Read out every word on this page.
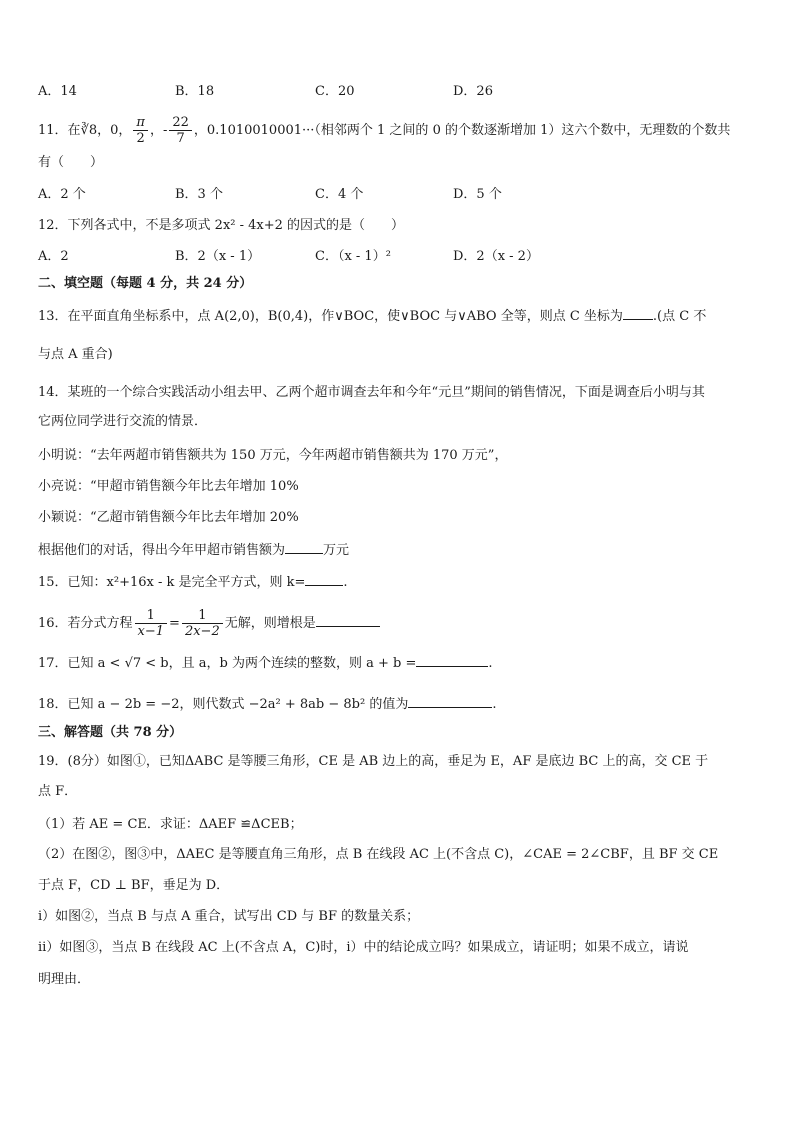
A．14	B．18	C．20	D．26
11．在∛8，0， $\frac{\pi}{2}$ ，- $\frac{22}{7}$ ，0.1010010001···（相邻两个 1 之间的 0 的个数逐渐增加 1）这六个数中，无理数的个数共
有（　　）
A．2 个	B．3 个	C．4 个	D．5 个
12．下列各式中，不是多项式 2x² - 4x+2 的因式的是（　　）
A．2	B．2（x - 1）	C．（x - 1）²	D．2（x - 2）
二、填空题（每题 4 分，共 24 分）
13．在平面直角坐标系中，点 A(2,0)，B(0,4)，作∨BOC，使∨BOC 与∨ABO 全等，则点 C 坐标为 .(点 C 不
与点 A 重合)
14．某班的一个综合实践活动小组去甲、乙两个超市调查去年和今年“元旦”期间的销售情况，下面是调查后小明与其
它两位同学进行交流的情景．
小明说：“去年两超市销售额共为 150 万元，今年两超市销售额共为 170 万元”，
小亮说：“甲超市销售额今年比去年增加 10%
小颖说：“乙超市销售额今年比去年增加 20%
根据他们的对话，得出今年甲超市销售额为	万元
15．已知：x²+16x - k 是完全平方式，则 k=	.
16．若分式方程 $\frac{1}{x-1} = \frac{1}{2x-2}$ 无解，则增根是
17．已知 a < √7 < b，且 a，b 为两个连续的整数，则 a + b =	.
18．已知 a − 2b = −2，则代数式 −2a² + 8ab − 8b² 的值为	.
三、解答题（共 78 分）
19．(8分）如图①，已知ΔABC 是等腰三角形，CE 是 AB 边上的高，垂足为 E，AF 是底边 BC 上的高，交 CE 于
点 F．
（1）若 AE = CE．求证：ΔAEF ≌ΔCEB；
（2）在图②，图③中，ΔAEC 是等腰直角三角形，点 B 在线段 AC 上(不含点 C)，∠CAE = 2∠CBF，且 BF 交 CE
于点 F，CD ⊥ BF，垂足为 D．
ⅰ）如图②，当点 B 与点 A 重合，试写出 CD 与 BF 的数量关系；
ⅱ）如图③，当点 B 在线段 AC 上(不含点 A，C)时，ⅰ）中的结论成立吗？如果成立，请证明；如果不成立，请说
明理由．
